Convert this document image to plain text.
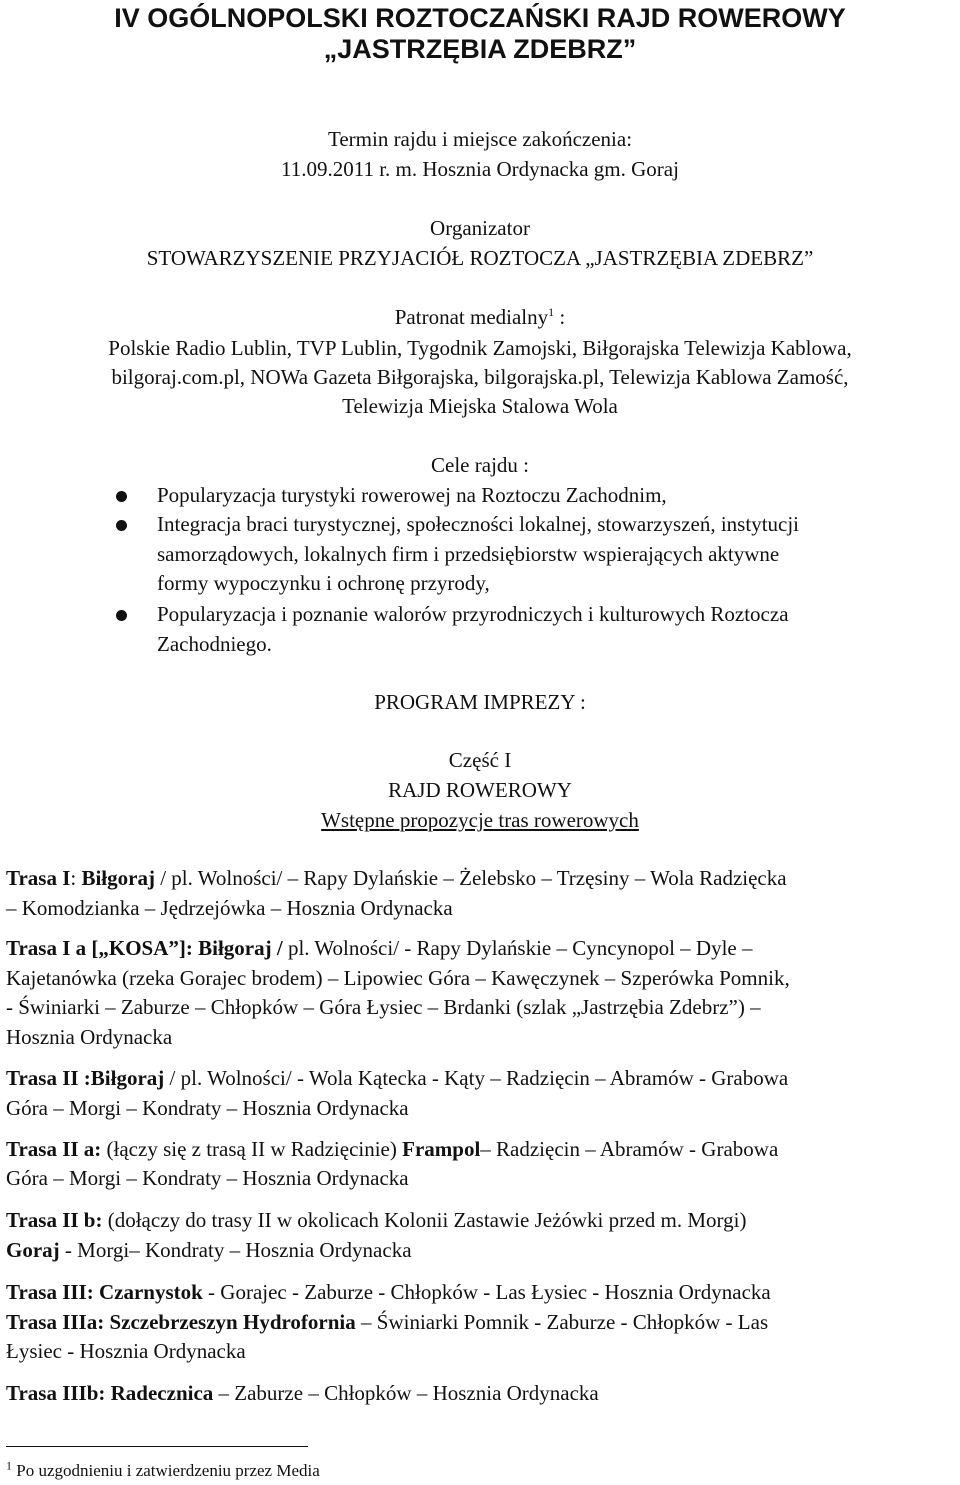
IV OGÓLNOPOLSKI ROZTOCZAŃSKI RAJD ROWEROWY
„JASTRZĘBIA ZDEBRZ”
Termin rajdu i miejsce zakończenia:
11.09.2011 r. m. Hosznia Ordynacka gm. Goraj
Organizator
STOWARZYSZENIE PRZYJACIÓŁ ROZTOCZA „JASTRZĘBIA ZDEBRZ”
Patronat medialny$^1$ :
Polskie Radio Lublin, TVP Lublin, Tygodnik Zamojski, Biłgorajska Telewizja Kablowa,
bilgoraj.com.pl, NOWa Gazeta Biłgorajska, bilgorajska.pl, Telewizja Kablowa Zamość,
Telewizja Miejska Stalowa Wola
Cele rajdu :
Popularyzacja turystyki rowerowej na Roztoczu Zachodnim,
Integracja braci turystycznej, społeczności lokalnej, stowarzyszeń, instytucji
samorządowych, lokalnych firm i przedsiębiorstw wspierających aktywne
formy wypoczynku i ochronę przyrody,
Popularyzacja i poznanie walorów przyrodniczych i kulturowych Roztocza
Zachodniego.
PROGRAM IMPREZY :
Część I
RAJD ROWEROWY
Wstępne propozycje tras rowerowych
Trasa I: Biłgoraj / pl. Wolności/ – Rapy Dylańskie – Żelebsko – Trzęsiny – Wola Radzięcka
– Komodzianka – Jędrzejówka – Hosznia Ordynacka
Trasa I a [„KOSA”]: Biłgoraj / pl. Wolności/ - Rapy Dylańskie – Cyncynopol – Dyle –
Kajetanówka (rzeka Gorajec brodem) – Lipowiec Góra – Kawęczynek – Szperówka Pomnik,
- Świniarki – Zaburze – Chłopków – Góra Łysiec – Brdanki (szlak „Jastrzębia Zdebrz”) –
Hosznia Ordynacka
Trasa II :Biłgoraj / pl. Wolności/ - Wola Kątecka - Kąty – Radzięcin – Abramów - Grabowa
Góra – Morgi – Kondraty – Hosznia Ordynacka
Trasa II a: (łączy się z trasą II w Radzięcinie) Frampol– Radzięcin – Abramów - Grabowa
Góra – Morgi – Kondraty – Hosznia Ordynacka
Trasa II b: (dołączy do trasy II w okolicach Kolonii Zastawie Jeżówki przed m. Morgi)
Goraj - Morgi– Kondraty – Hosznia Ordynacka
Trasa III: Czarnystok - Gorajec - Zaburze - Chłopków - Las Łysiec - Hosznia Ordynacka
Trasa IIIa: Szczebrzeszyn Hydrofornia – Świniarki Pomnik - Zaburze - Chłopków - Las
Łysiec - Hosznia Ordynacka
Trasa IIIb: Radecznica – Zaburze – Chłopków – Hosznia Ordynacka
$^1$ Po uzgodnieniu i zatwierdzeniu przez Media
